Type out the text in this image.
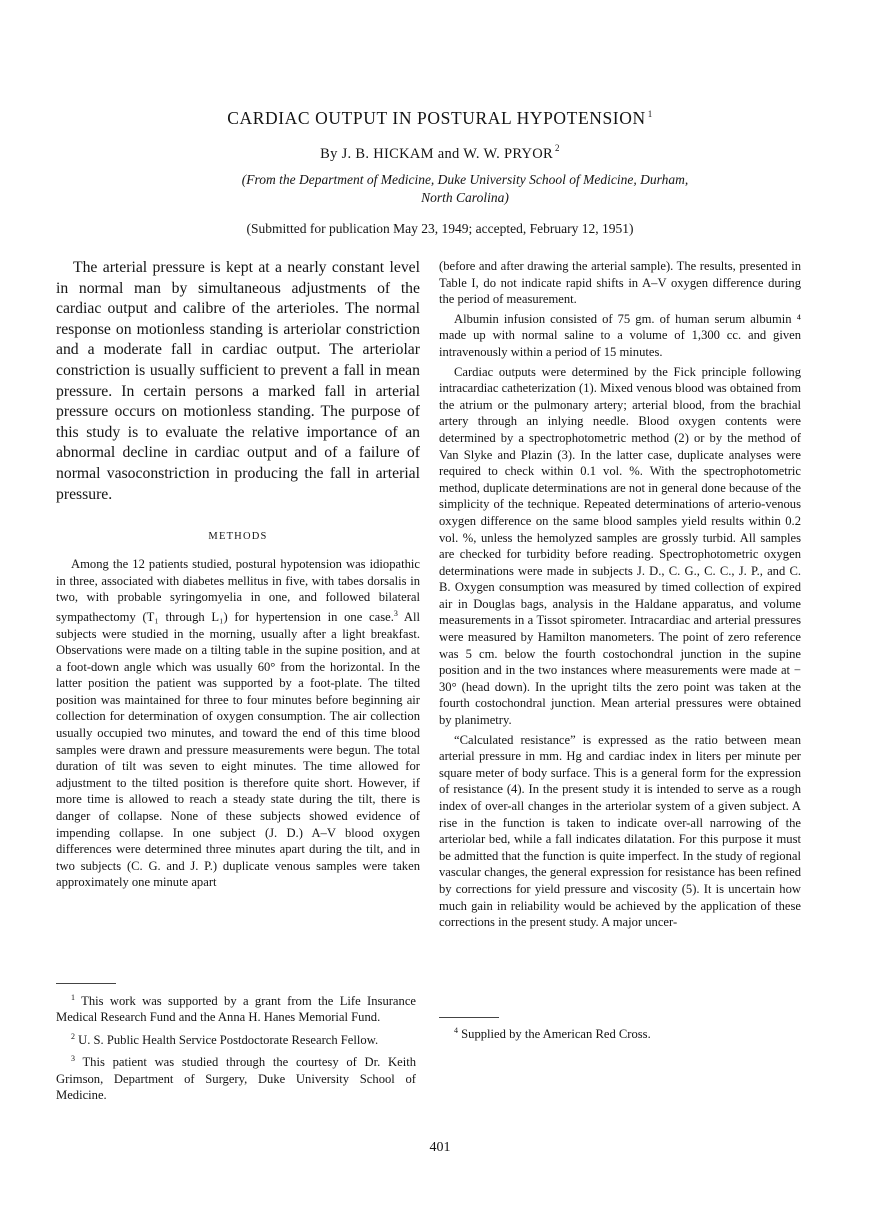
CARDIAC OUTPUT IN POSTURAL HYPOTENSION $^1$
By J. B. HICKAM and W. W. PRYOR $^2$
(From the Department of Medicine, Duke University School of Medicine, Durham, North Carolina)
(Submitted for publication May 23, 1949; accepted, February 12, 1951)

The arterial pressure is kept at a nearly constant level in normal man by simultaneous adjustments of the cardiac output and calibre of the arterioles. The normal response on motionless standing is arteriolar constriction and a moderate fall in cardiac output. The arteriolar constriction is usually sufficient to prevent a fall in mean pressure. In certain persons a marked fall in arterial pressure occurs on motionless standing. The purpose of this study is to evaluate the relative importance of an abnormal decline in cardiac output and of a failure of normal vasoconstriction in producing the fall in arterial pressure.

METHODS

Among the 12 patients studied, postural hypotension was idiopathic in three, associated with diabetes mellitus in five, with tabes dorsalis in two, with probable syringomyelia in one, and followed bilateral sympathectomy (T₁ through L₁) for hypertension in one case.$^3$ All subjects were studied in the morning, usually after a light breakfast. Observations were made on a tilting table in the supine position, and at a foot-down angle which was usually 60° from the horizontal. In the latter position the patient was supported by a foot-plate. The tilted position was maintained for three to four minutes before beginning air collection for determination of oxygen consumption. The air collection usually occupied two minutes, and toward the end of this time blood samples were drawn and pressure measurements were begun. The total duration of tilt was seven to eight minutes. The time allowed for adjustment to the tilted position is therefore quite short. However, if more time is allowed to reach a steady state during the tilt, there is danger of collapse. None of these subjects showed evidence of impending collapse. In one subject (J. D.) A–V blood oxygen differences were determined three minutes apart during the tilt, and in two subjects (C. G. and J. P.) duplicate venous samples were taken approximately one minute apart

(before and after drawing the arterial sample). The results, presented in Table I, do not indicate rapid shifts in A–V oxygen difference during the period of measurement.

Albumin infusion consisted of 75 gm. of human serum albumin ⁴ made up with normal saline to a volume of 1,300 cc. and given intravenously within a period of 15 minutes.

Cardiac outputs were determined by the Fick principle following intracardiac catheterization (1). Mixed venous blood was obtained from the atrium or the pulmonary artery; arterial blood, from the brachial artery through an inlying needle. Blood oxygen contents were determined by a spectrophotometric method (2) or by the method of Van Slyke and Plazin (3). In the latter case, duplicate analyses were required to check within 0.1 vol. %. With the spectrophotometric method, duplicate determinations are not in general done because of the simplicity of the technique. Repeated determinations of arterio-venous oxygen difference on the same blood samples yield results within 0.2 vol. %, unless the hemolyzed samples are grossly turbid. All samples are checked for turbidity before reading. Spectrophotometric oxygen determinations were made in subjects J. D., C. G., C. C., J. P., and C. B. Oxygen consumption was measured by timed collection of expired air in Douglas bags, analysis in the Haldane apparatus, and volume measurements in a Tissot spirometer. Intracardiac and arterial pressures were measured by Hamilton manometers. The point of zero reference was 5 cm. below the fourth costochondral junction in the supine position and in the two instances where measurements were made at − 30° (head down). In the upright tilts the zero point was taken at the fourth costochondral junction. Mean arterial pressures were obtained by planimetry.

“Calculated resistance” is expressed as the ratio between mean arterial pressure in mm. Hg and cardiac index in liters per minute per square meter of body surface. This is a general form for the expression of resistance (4). In the present study it is intended to serve as a rough index of over-all changes in the arteriolar system of a given subject. A rise in the function is taken to indicate over-all narrowing of the arteriolar bed, while a fall indicates dilatation. For this purpose it must be admitted that the function is quite imperfect. In the study of regional vascular changes, the general expression for resistance has been refined by corrections for yield pressure and viscosity (5). It is uncertain how much gain in reliability would be achieved by the application of these corrections in the present study. A major uncer-

$^1$ This work was supported by a grant from the Life Insurance Medical Research Fund and the Anna H. Hanes Memorial Fund.

$^2$ U. S. Public Health Service Postdoctorate Research Fellow.

$^3$ This patient was studied through the courtesy of Dr. Keith Grimson, Department of Surgery, Duke University School of Medicine.

$^4$ Supplied by the American Red Cross.

401
